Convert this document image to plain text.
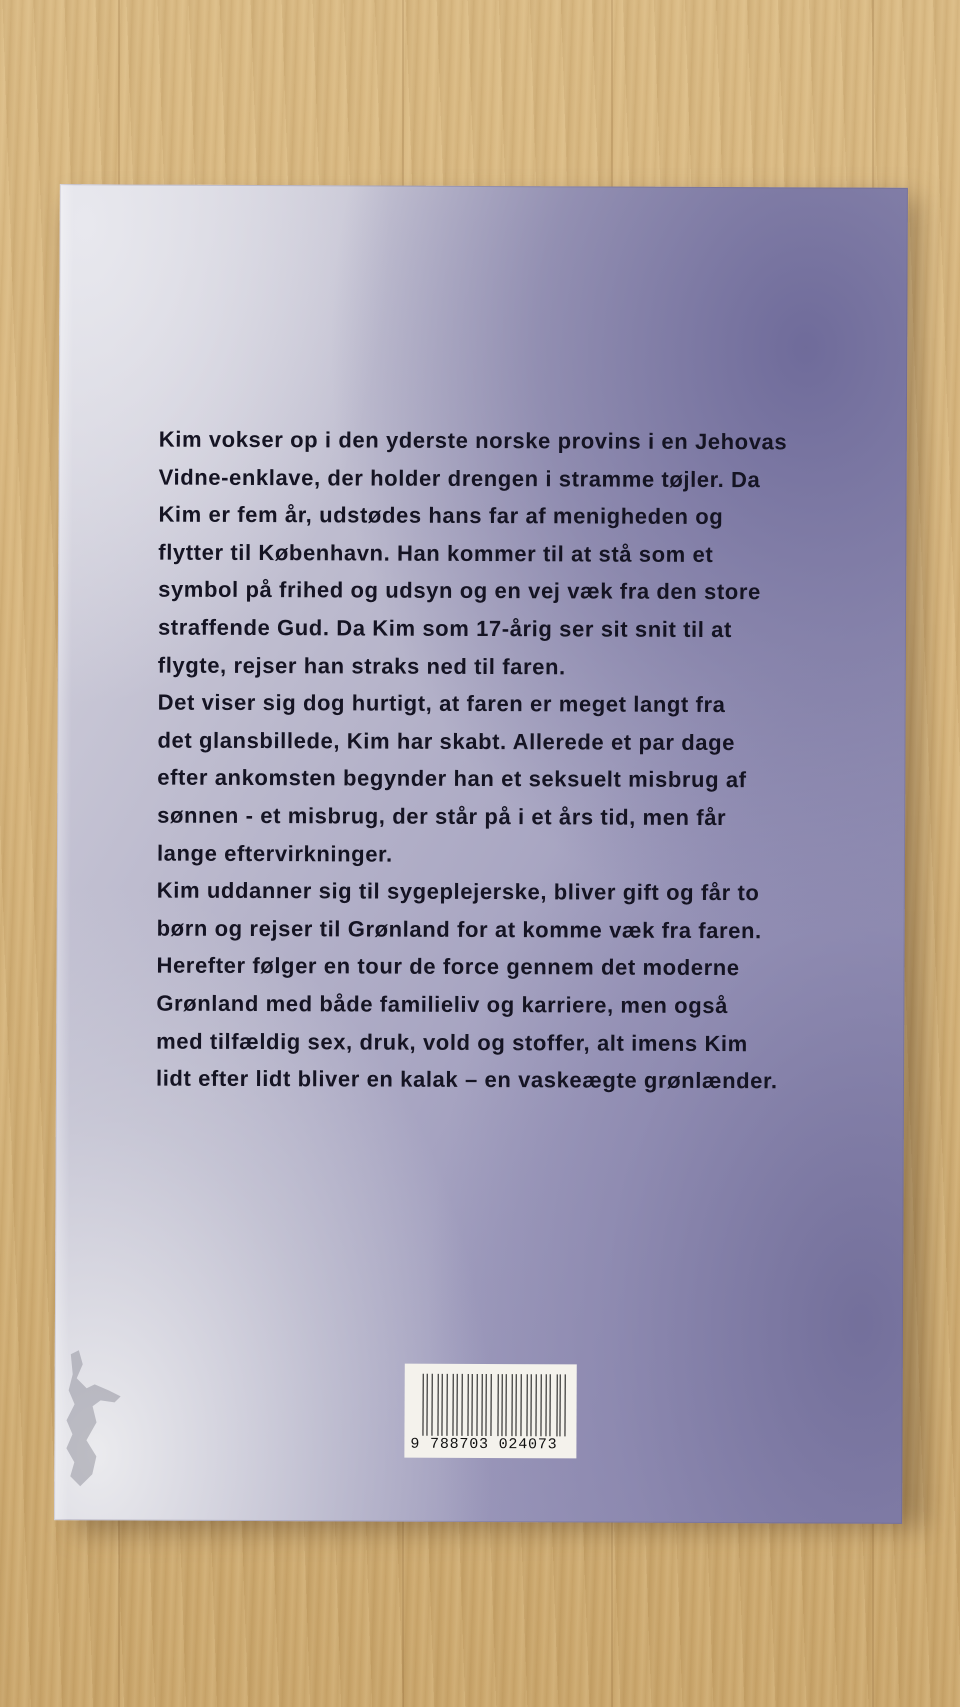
Kim vokser op i den yderste norske provins i en Jehovas
Vidne-enklave, der holder drengen i stramme tøjler. Da
Kim er fem år, udstødes hans far af menigheden og
flytter til København. Han kommer til at stå som et
symbol på frihed og udsyn og en vej væk fra den store
straffende Gud. Da Kim som 17-årig ser sit snit til at
flygte, rejser han straks ned til faren.
Det viser sig dog hurtigt, at faren er meget langt fra
det glansbillede, Kim har skabt. Allerede et par dage
efter ankomsten begynder han et seksuelt misbrug af
sønnen - et misbrug, der står på i et års tid, men får
lange eftervirkninger.
Kim uddanner sig til sygeplejerske, bliver gift og får to
børn og rejser til Grønland for at komme væk fra faren.
Herefter følger en tour de force gennem det moderne
Grønland med både familieliv og karriere, men også
med tilfældig sex, druk, vold og stoffer, alt imens Kim
lidt efter lidt bliver en kalak – en vaskeægte grønlænder.
9 788703 024073
